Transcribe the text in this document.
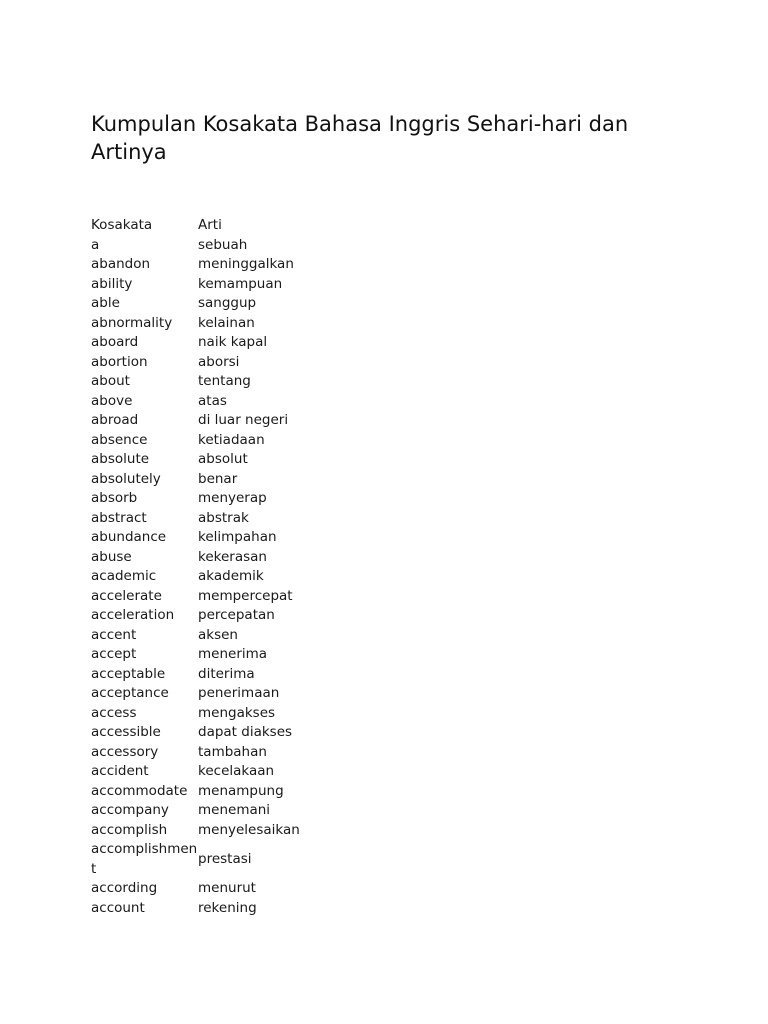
Kumpulan Kosakata Bahasa Inggris Sehari-hari dan Artinya
Kosakata	Arti
a	sebuah
abandon	meninggalkan
ability	kemampuan
able	sanggup
abnormality	kelainan
aboard	naik kapal
abortion	aborsi
about	tentang
above	atas
abroad	di luar negeri
absence	ketiadaan
absolute	absolut
absolutely	benar
absorb	menyerap
abstract	abstrak
abundance	kelimpahan
abuse	kekerasan
academic	akademik
accelerate	mempercepat
acceleration	percepatan
accent	aksen
accept	menerima
acceptable	diterima
acceptance	penerimaan
access	mengakses
accessible	dapat diakses
accessory	tambahan
accident	kecelakaan
accommodate	menampung
accompany	menemani
accomplish	menyelesaikan
accomplishment	prestasi
according	menurut
account	rekening
